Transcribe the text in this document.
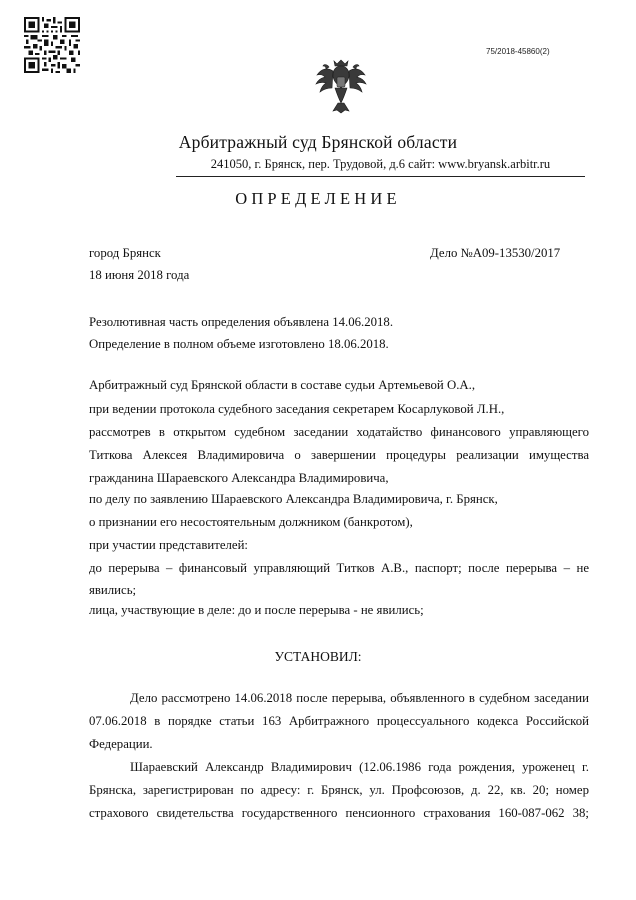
75/2018-45860(2)
Арбитражный суд Брянской области
241050, г. Брянск, пер. Трудовой, д.6 сайт: www.bryansk.arbitr.ru
ОПРЕДЕЛЕНИЕ
город Брянск	Дело №А09-13530/2017
18 июня 2018 года
Резолютивная часть определения объявлена 14.06.2018.
Определение в полном объеме изготовлено 18.06.2018.
Арбитражный суд Брянской области в составе судьи Артемьевой О.А.,
при ведении протокола судебного заседания секретарем Косарлуковой Л.Н.,
рассмотрев в открытом судебном заседании ходатайство финансового управляющего
Титкова Алексея Владимировича о завершении процедуры реализации имущества
гражданина Шараевского Александра Владимировича,
по делу по заявлению Шараевского Александра Владимировича, г. Брянск,
о признании его несостоятельным должником (банкротом),
при участии представителей:
до перерыва – финансовый управляющий Титков А.В., паспорт; после перерыва – не
явились;
лица, участвующие в деле: до и после перерыва - не явились;
УСТАНОВИЛ:
Дело рассмотрено 14.06.2018 после перерыва, объявленного в судебном заседании
07.06.2018 в порядке статьи 163 Арбитражного процессуального кодекса Российской
Федерации.
Шараевский Александр Владимирович (12.06.1986 года рождения, уроженец г.
Брянска, зарегистрирован по адресу: г. Брянск, ул. Профсоюзов, д. 22, кв. 20; номер
страхового свидетельства государственного пенсионного страхования 160-087-062 38;
